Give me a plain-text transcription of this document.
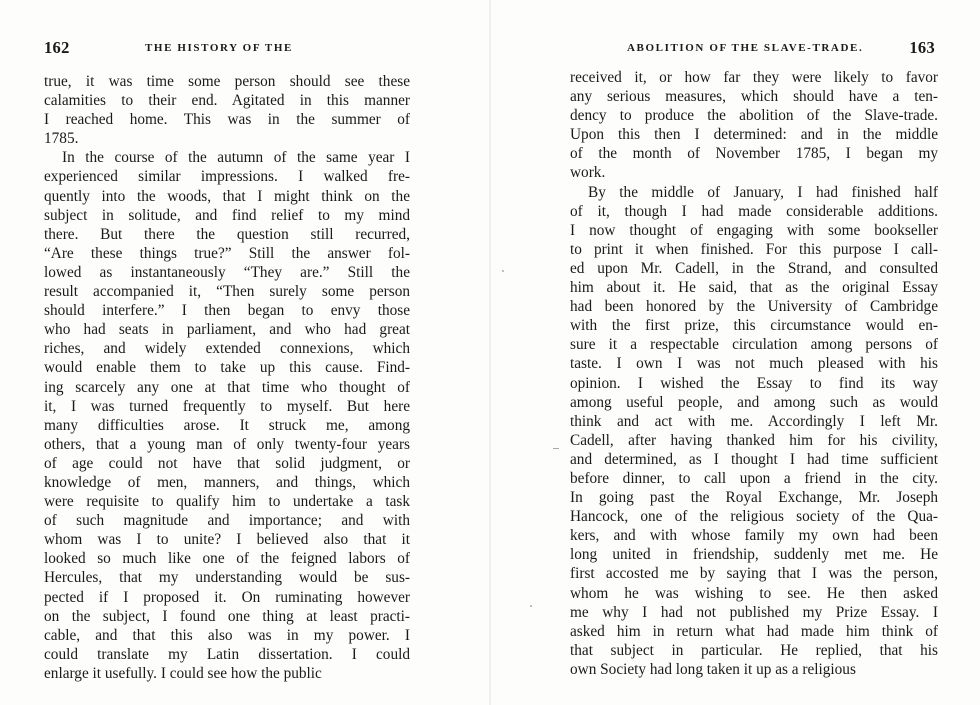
162	THE HISTORY OF THE
true, it was time some person should see these
calamities to their end. Agitated in this manner
I reached home. This was in the summer of
1785.
In the course of the autumn of the same year I
experienced similar impressions. I walked fre-
quently into the woods, that I might think on the
subject in solitude, and find relief to my mind
there. But there the question still recurred,
“Are these things true?” Still the answer fol-
lowed as instantaneously “They are.” Still the
result accompanied it, “Then surely some person
should interfere.” I then began to envy those
who had seats in parliament, and who had great
riches, and widely extended connexions, which
would enable them to take up this cause. Find-
ing scarcely any one at that time who thought of
it, I was turned frequently to myself. But here
many difficulties arose. It struck me, among
others, that a young man of only twenty-four years
of age could not have that solid judgment, or
knowledge of men, manners, and things, which
were requisite to qualify him to undertake a task
of such magnitude and importance; and with
whom was I to unite? I believed also that it
looked so much like one of the feigned labors of
Hercules, that my understanding would be sus-
pected if I proposed it. On ruminating however
on the subject, I found one thing at least practi-
cable, and that this also was in my power. I
could translate my Latin dissertation. I could
enlarge it usefully. I could see how the public
ABOLITION OF THE SLAVE-TRADE.	163
received it, or how far they were likely to favor
any serious measures, which should have a ten-
dency to produce the abolition of the Slave-trade.
Upon this then I determined: and in the middle
of the month of November 1785, I began my
work.
By the middle of January, I had finished half
of it, though I had made considerable additions.
I now thought of engaging with some bookseller
to print it when finished. For this purpose I call-
ed upon Mr. Cadell, in the Strand, and consulted
him about it. He said, that as the original Essay
had been honored by the University of Cambridge
with the first prize, this circumstance would en-
sure it a respectable circulation among persons of
taste. I own I was not much pleased with his
opinion. I wished the Essay to find its way
among useful people, and among such as would
think and act with me. Accordingly I left Mr.
Cadell, after having thanked him for his civility,
and determined, as I thought I had time sufficient
before dinner, to call upon a friend in the city.
In going past the Royal Exchange, Mr. Joseph
Hancock, one of the religious society of the Qua-
kers, and with whose family my own had been
long united in friendship, suddenly met me. He
first accosted me by saying that I was the person,
whom he was wishing to see. He then asked
me why I had not published my Prize Essay. I
asked him in return what had made him think of
that subject in particular. He replied, that his
own Society had long taken it up as a religious
